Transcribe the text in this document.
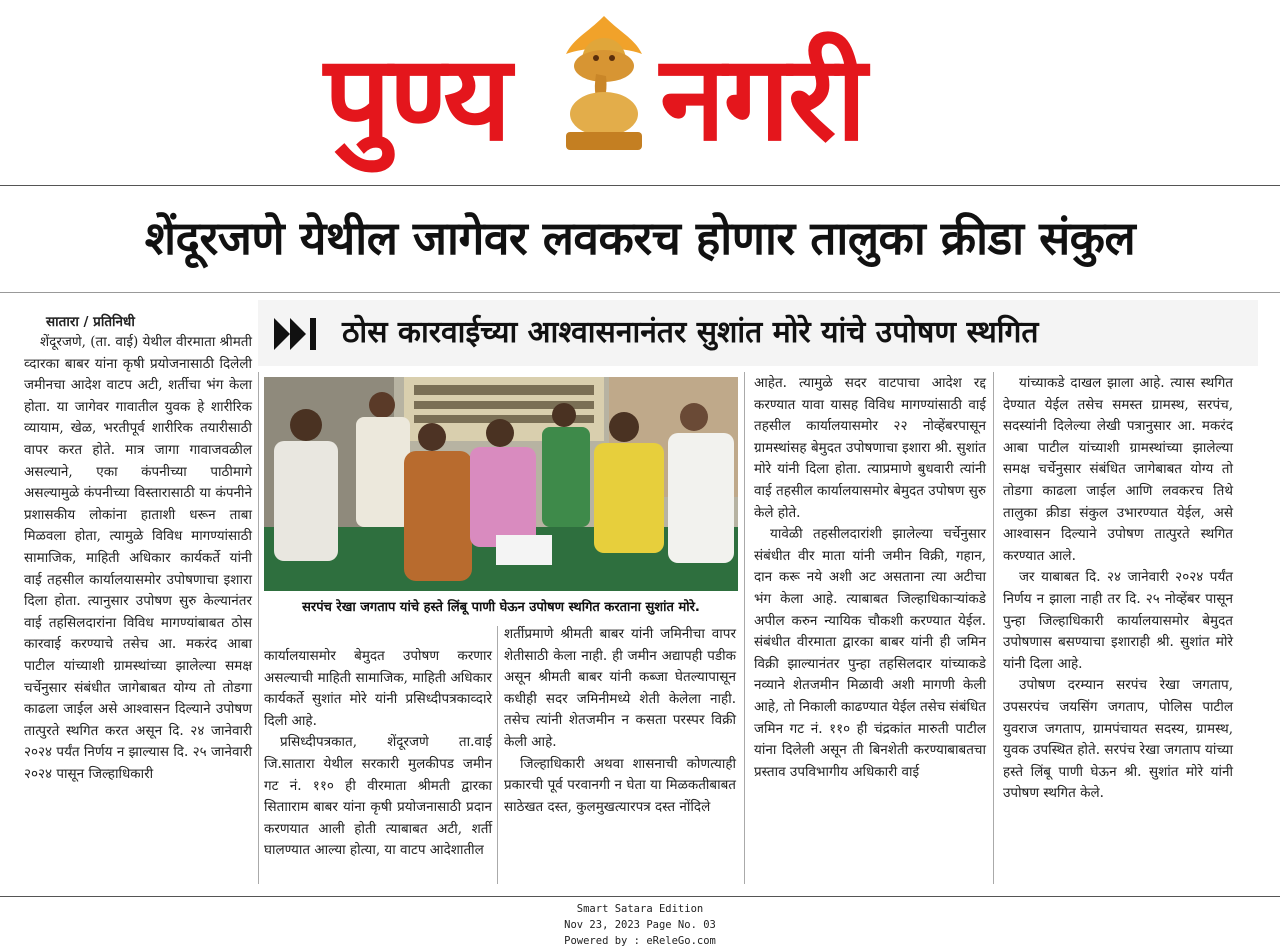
पुण्य नगरी
शेंदूरजणे येथील जागेवर लवकरच होणार तालुका क्रीडा संकुल
ठोस कारवाईच्या आश्वासनानंतर सुशांत मोरे यांचे उपोषण स्थगित
सातारा / प्रतिनिधी

शेंदूरजणे, (ता. वाई) येथील वीरमाता श्रीमती व्दारका बाबर यांना कृषी प्रयोजनासाठी दिलेली जमीनचा आदेश वाटप अटी, शर्तीचा भंग केला होता. या जागेवर गावातील युवक हे शारीरिक व्यायाम, खेळ, भरतीपूर्व शारीरिक तयारीसाठी वापर करत होते. मात्र जागा गावाजवळील असल्याने, एका कंपनीच्या पाठीमागे असल्यामुळे कंपनीच्या विस्तारासाठी या कंपनीने प्रशासकीय लोकांना हाताशी धरून ताबा मिळवला होता, त्यामुळे विविध मागण्यांसाठी सामाजिक, माहिती अधिकार कार्यकर्ते यांनी वाई तहसील कार्यालयासमोर उपोषणाचा इशारा दिला होता. त्यानुसार उपोषण सुरु केल्यानंतर वाई तहसिलदारांना विविध मागण्यांबाबत ठोस कारवाई करण्याचे तसेच आ. मकरंद आबा पाटील यांच्याशी ग्रामस्थांच्या झालेल्या समक्ष चर्चेनुसार संबंधीत जागेबाबत योग्य तो तोडगा काढला जाईल असे आश्वासन दिल्याने उपोषण तात्पुरते स्थगित करत असून दि. २४ जानेवारी २०२४ पर्यंत निर्णय न झाल्यास दि. २५ जानेवारी २०२४ पासून जिल्हाधिकारी

सरपंच रेखा जगताप यांचे हस्ते लिंबू पाणी घेऊन उपोषण स्थगित करताना सुशांत मोरे.

कार्यालयासमोर बेमुदत उपोषण करणार असल्याची माहिती सामाजिक, माहिती अधिकार कार्यकर्ते सुशांत मोरे यांनी प्रसिध्दीपत्रकाव्दारे दिली आहे.

प्रसिध्दीपत्रकात, शेंदूरजणे ता.वाई जि.सातारा येथील सरकारी मुलकीपड जमीन गट नं. ११० ही वीरमाता श्रीमती द्वारका सितााराम बाबर यांना कृषी प्रयोजनासाठी प्रदान करणयात आली होती त्याबाबत अटी, शर्ती घालण्यात आल्या होत्या, या वाटप आदेशातील

शर्तीप्रमाणे श्रीमती बाबर यांनी जमिनीचा वापर शेतीसाठी केला नाही. ही जमीन अद्यापही पडीक असून श्रीमती बाबर यांनी कब्जा घेतल्यापासून कधीही सदर जमिनीमध्ये शेती केलेला नाही. तसेच त्यांनी शेतजमीन न कसता परस्पर विक्री केली आहे.

जिल्हाधिकारी अथवा शासनाची कोणत्याही प्रकारची पूर्व परवानगी न घेता या मिळकतीबाबत साठेखत दस्त, कुलमुखत्यारपत्र दस्त नोंदिले

आहेत. त्यामुळे सदर वाटपाचा आदेश रद्द करण्यात यावा यासह विविध मागण्यांसाठी वाई तहसील कार्यालयासमोर २२ नोव्हेंबरपासून ग्रामस्थांसह बेमुदत उपोषणाचा इशारा श्री. सुशांत मोरे यांनी दिला होता. त्याप्रमाणे बुधवारी त्यांनी वाई तहसील कार्यालयासमोर बेमुदत उपोषण सुरु केले होते.

यावेळी तहसीलदारांशी झालेल्या चर्चेनुसार संबंधीत वीर माता यांनी जमीन विक्री, गहान, दान करू नये अशी अट असताना त्या अटीचा भंग केला आहे. त्याबाबत जिल्हाधिकाऱ्यांकडे अपील करुन न्यायिक चौकशी करण्यात येईल. संबंधीत वीरमाता द्वारका बाबर यांनी ही जमिन विक्री झाल्यानंतर पुन्हा तहसिलदार यांच्याकडे नव्याने शेतजमीन मिळावी अशी मागणी केली आहे, तो निकाली काढण्यात येईल तसेच संबंधित जमिन गट नं. ११० ही चंद्रकांत मारुती पाटील यांना दिलेली असून ती बिनशेती करण्याबाबतचा प्रस्ताव उपविभागीय अधिकारी वाई

यांच्याकडे दाखल झाला आहे. त्यास स्थगित देण्यात येईल तसेच समस्त ग्रामस्थ, सरपंच, सदस्यांनी दिलेल्या लेखी पत्रानुसार आ. मकरंद आबा पाटील यांच्याशी ग्रामस्थांच्या झालेल्या समक्ष चर्चेनुसार संबंधित जागेबाबत योग्य तो तोडगा काढला जाईल आणि लवकरच तिथे तालुका क्रीडा संकुल उभारण्यात येईल, असे आश्वासन दिल्याने उपोषण तात्पुरते स्थगित करण्यात आले.

जर याबाबत दि. २४ जानेवारी २०२४ पर्यंत निर्णय न झाला नाही तर दि. २५ नोव्हेंबर पासून पुन्हा जिल्हाधिकारी कार्यालयासमोर बेमुदत उपोषणास बसण्याचा इशाराही श्री. सुशांत मोरे यांनी दिला आहे.

उपोषण दरम्यान सरपंच रेखा जगताप, उपसरपंच जयसिंग जगताप, पोलिस पाटील युवराज जगताप, ग्रामपंचायत सदस्य, ग्रामस्थ, युवक उपस्थित होते. सरपंच रेखा जगताप यांच्या हस्ते लिंबू पाणी घेऊन श्री. सुशांत मोरे यांनी उपोषण स्थगित केले.

Smart Satara Edition
Nov 23, 2023 Page No. 03
Powered by : eReleGo.com
